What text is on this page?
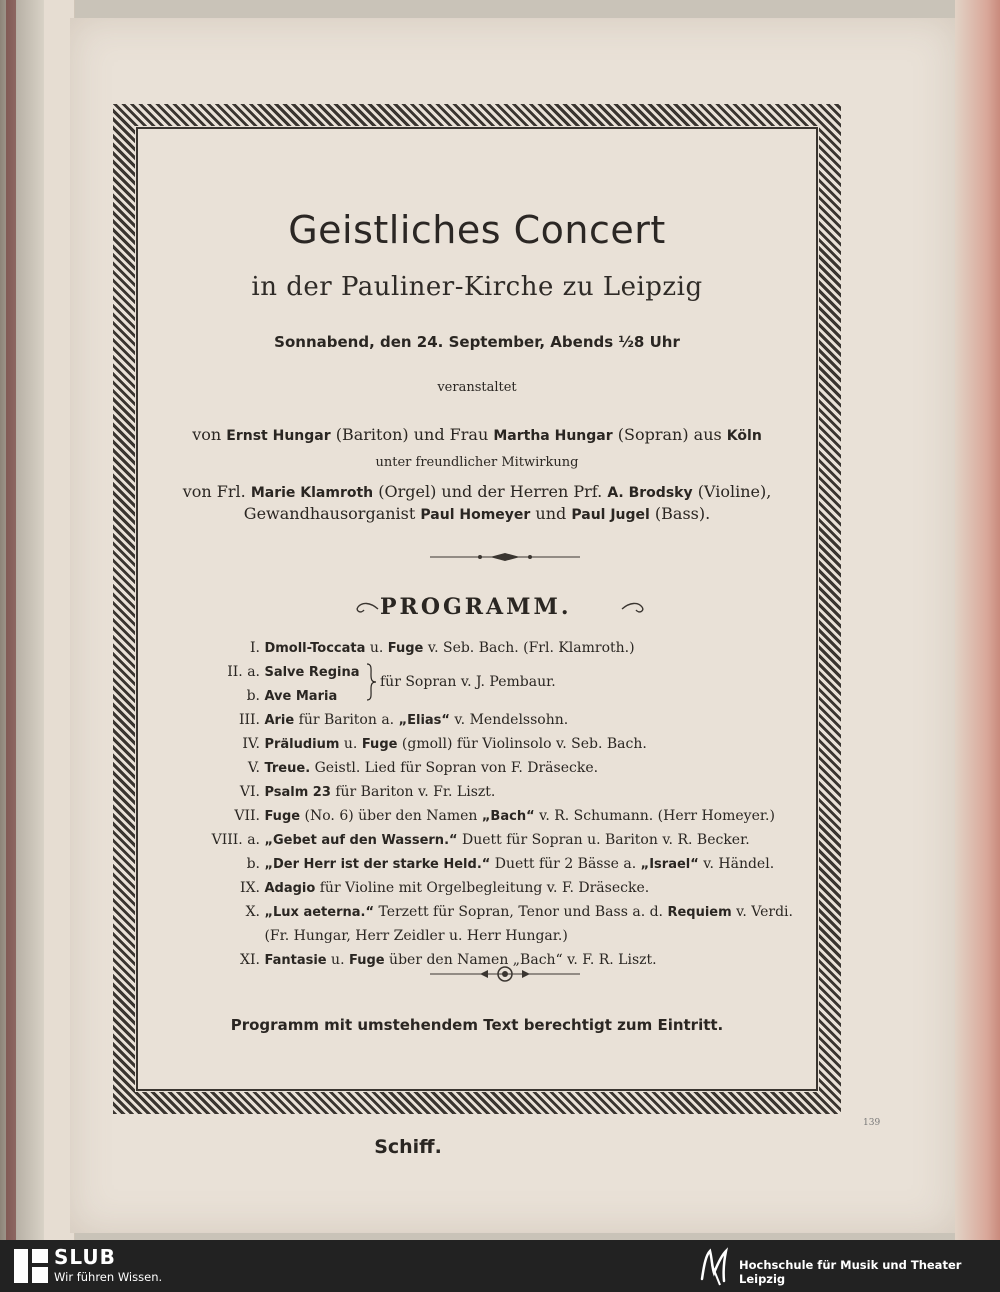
Geistliches Concert
in der Pauliner-Kirche zu Leipzig
Sonnabend, den 24. September, Abends ½8 Uhr
veranstaltet
von Ernst Hungar (Bariton) und Frau Martha Hungar (Sopran) aus Köln
unter freundlicher Mitwirkung
von Frl. Marie Klamroth (Orgel) und der Herren Prf. A. Brodsky (Violine),
Gewandhausorganist Paul Homeyer und Paul Jugel (Bass).
PROGRAMM.
I. Dmoll-Toccata u. Fuge v. Seb. Bach. (Frl. Klamroth.)
II. a. Salve Regina
b. Ave Maria
III. Arie für Bariton a. „Elias“ v. Mendelssohn.
IV. Präludium u. Fuge (gmoll) für Violinsolo v. Seb. Bach.
V. Treue. Geistl. Lied für Sopran von F. Dräsecke.
VI. Psalm 23 für Bariton v. Fr. Liszt.
VII. Fuge (No. 6) über den Namen „Bach“ v. R. Schumann. (Herr Homeyer.)
VIII. a. „Gebet auf den Wassern.“ Duett für Sopran u. Bariton v. R. Becker.
b. „Der Herr ist der starke Held.“ Duett für 2 Bässe a. „Israel“ v. Händel.
IX. Adagio für Violine mit Orgelbegleitung v. F. Dräsecke.
X. „Lux aeterna.“ Terzett für Sopran, Tenor und Bass a. d. Requiem v. Verdi.
(Fr. Hungar, Herr Zeidler u. Herr Hungar.)
XI. Fantasie u. Fuge über den Namen „Bach“ v. F. R. Liszt.
für Sopran v. J. Pembaur.
Programm mit umstehendem Text berechtigt zum Eintritt.
Schiff.
139
SLUB
Wir führen Wissen.
Hochschule für Musik und Theater Leipzig
